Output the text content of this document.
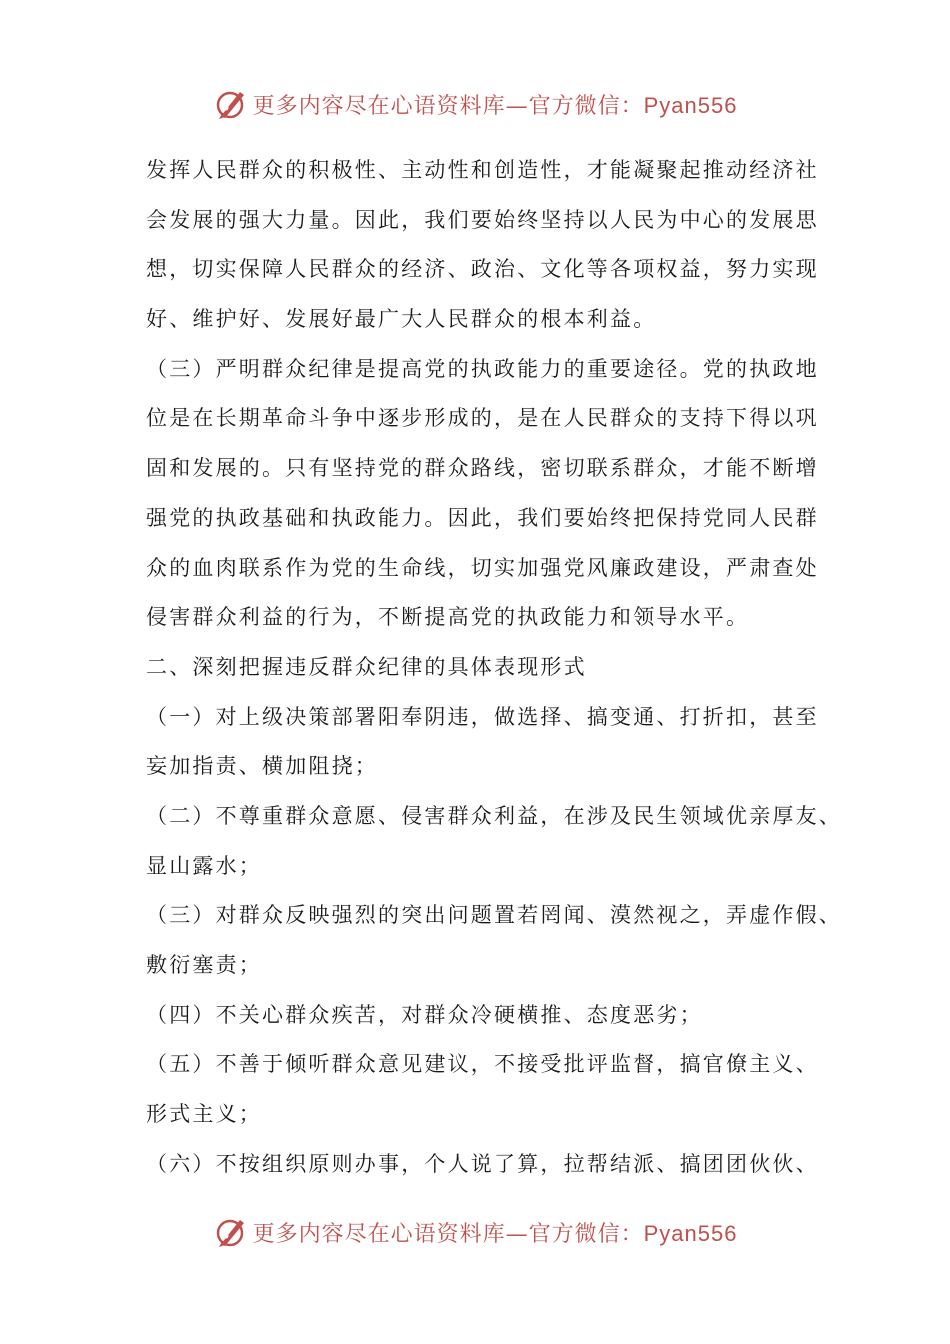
更多内容尽在心语资料库—官方微信：Pyan556
发挥人民群众的积极性、主动性和创造性，才能凝聚起推动经济社
会发展的强大力量。因此，我们要始终坚持以人民为中心的发展思
想，切实保障人民群众的经济、政治、文化等各项权益，努力实现
好、维护好、发展好最广大人民群众的根本利益。
（三）严明群众纪律是提高党的执政能力的重要途径。党的执政地
位是在长期革命斗争中逐步形成的，是在人民群众的支持下得以巩
固和发展的。只有坚持党的群众路线，密切联系群众，才能不断增
强党的执政基础和执政能力。因此，我们要始终把保持党同人民群
众的血肉联系作为党的生命线，切实加强党风廉政建设，严肃查处
侵害群众利益的行为，不断提高党的执政能力和领导水平。
二、深刻把握违反群众纪律的具体表现形式
（一）对上级决策部署阳奉阴违，做选择、搞变通、打折扣，甚至
妄加指责、横加阻挠；
（二）不尊重群众意愿、侵害群众利益，在涉及民生领域优亲厚友、
显山露水；
（三）对群众反映强烈的突出问题置若罔闻、漠然视之，弄虚作假、
敷衍塞责；
（四）不关心群众疾苦，对群众冷硬横推、态度恶劣；
（五）不善于倾听群众意见建议，不接受批评监督，搞官僚主义、
形式主义；
（六）不按组织原则办事，个人说了算，拉帮结派、搞团团伙伙、
更多内容尽在心语资料库—官方微信：Pyan556
